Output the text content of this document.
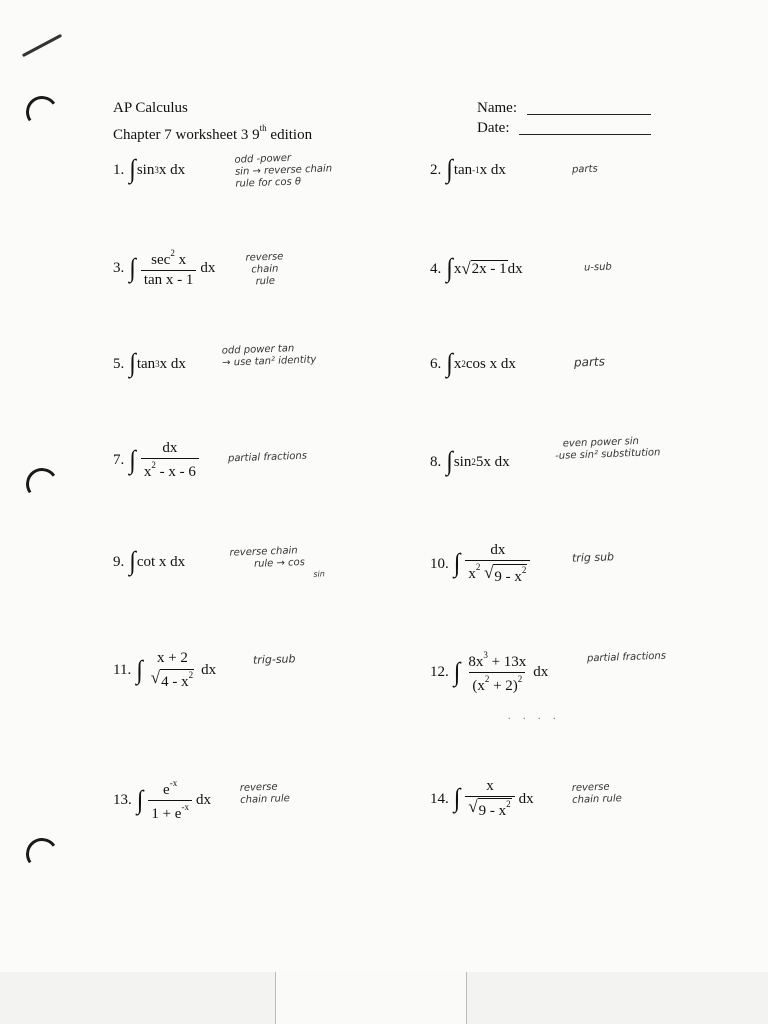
AP Calculus
Chapter 7 worksheet 3 9th edition
Name:
Date:
1. ∫ sin 3 x dx
odd -power
sin → reverse chain
rule for cos θ
2. ∫ tan -1 x dx	parts
3. ∫ $\frac{\sec^2 x}{\text{tan x - 1}}$ dx
reverse
chain
rule
4. ∫ x √ 2x - 1 dx	u-sub
5. ∫ tan 3 x dx
odd power tan
→ use tan² identity	6. ∫ x 2 cos x dx	parts
7. ∫ $\frac{dx}{x^2 - x - 6}$	partial fractions	8. ∫ sin 2 5x dx
even power sin
-use sin² substitution
9. ∫ cot x dx
reverse chain
rule → cos
sin
10. ∫ $\frac{dx}{x^2 √ 9 - x^2}$	trig sub
11. ∫ x + 2
√ $4 - x^2$ dx
trig-sub
12. ∫ $\frac{8x^3 + 13x}{(x^2 + 2)^2}$ dx
partial fractions
. . . .
13. ∫ $\frac{e^{-x}}{1 + e^{-x}}$ dx
reverse
chain rule	14. ∫ $\frac{x}{√ 9 - x^2}$ dx
reverse
chain rule
